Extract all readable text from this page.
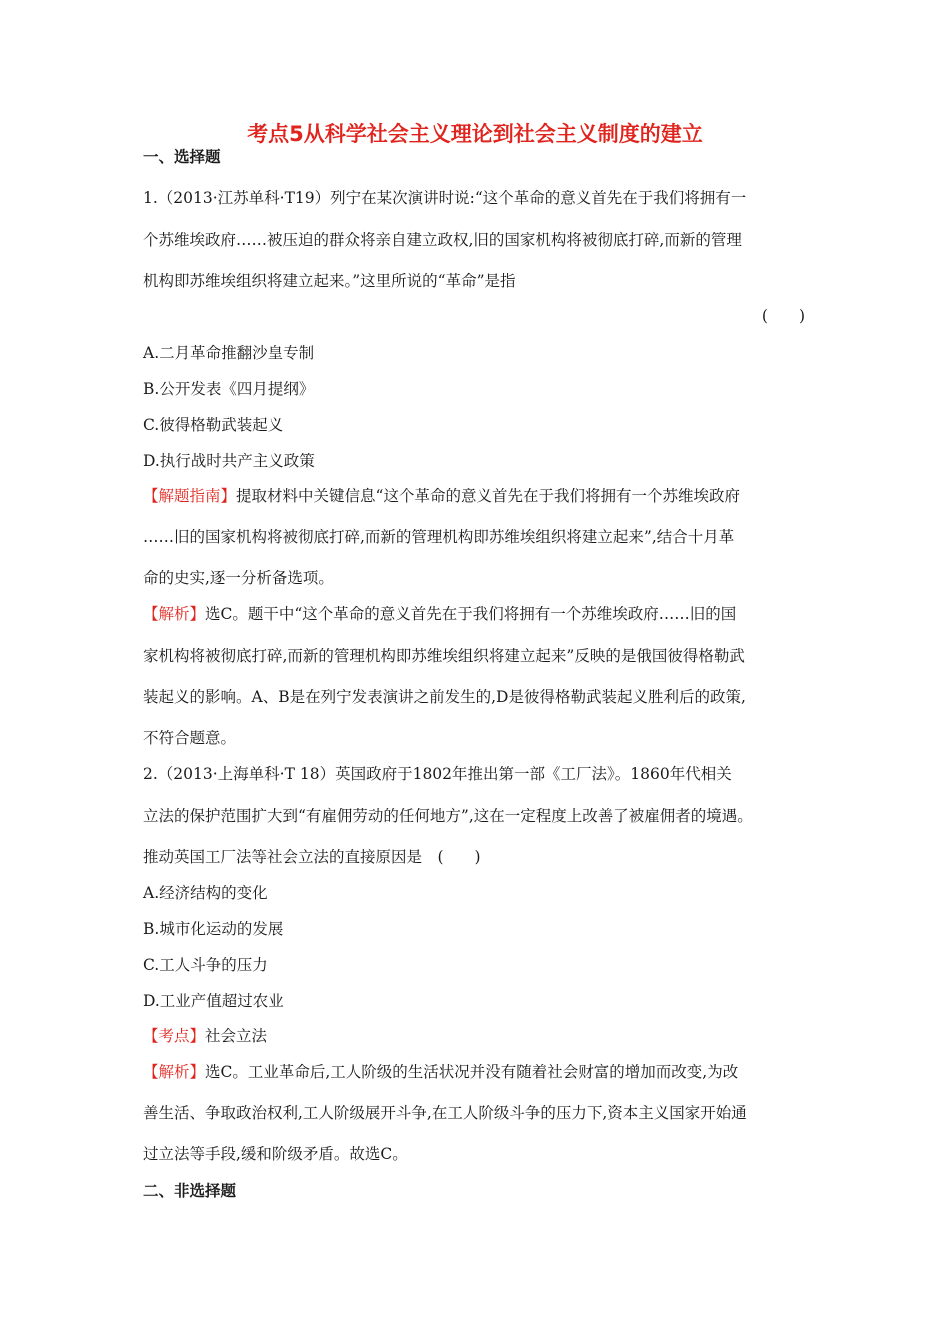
考点5从科学社会主义理论到社会主义制度的建立
一、选择题
1.（2013·江苏单科·T19）列宁在某次演讲时说:“这个革命的意义首先在于我们将拥有一
个苏维埃政府……被压迫的群众将亲自建立政权,旧的国家机构将被彻底打碎,而新的管理
机构即苏维埃组织将建立起来。”这里所说的“革命”是指
(　　)
A.二月革命推翻沙皇专制
B.公开发表《四月提纲》
C.彼得格勒武装起义
D.执行战时共产主义政策
【解题指南】提取材料中关键信息“这个革命的意义首先在于我们将拥有一个苏维埃政府
……旧的国家机构将被彻底打碎,而新的管理机构即苏维埃组织将建立起来”,结合十月革
命的史实,逐一分析备选项。
【解析】选C。题干中“这个革命的意义首先在于我们将拥有一个苏维埃政府……旧的国
家机构将被彻底打碎,而新的管理机构即苏维埃组织将建立起来”反映的是俄国彼得格勒武
装起义的影响。A、B是在列宁发表演讲之前发生的,D是彼得格勒武装起义胜利后的政策,
不符合题意。
2.（2013·上海单科·T 18）英国政府于1802年推出第一部《工厂法》。1860年代相关
立法的保护范围扩大到“有雇佣劳动的任何地方”,这在一定程度上改善了被雇佣者的境遇。
推动英国工厂法等社会立法的直接原因是　(　　)
A.经济结构的变化
B.城市化运动的发展
C.工人斗争的压力
D.工业产值超过农业
【考点】社会立法
【解析】选C。工业革命后,工人阶级的生活状况并没有随着社会财富的增加而改变,为改
善生活、争取政治权利,工人阶级展开斗争,在工人阶级斗争的压力下,资本主义国家开始通
过立法等手段,缓和阶级矛盾。故选C。
二、非选择题
